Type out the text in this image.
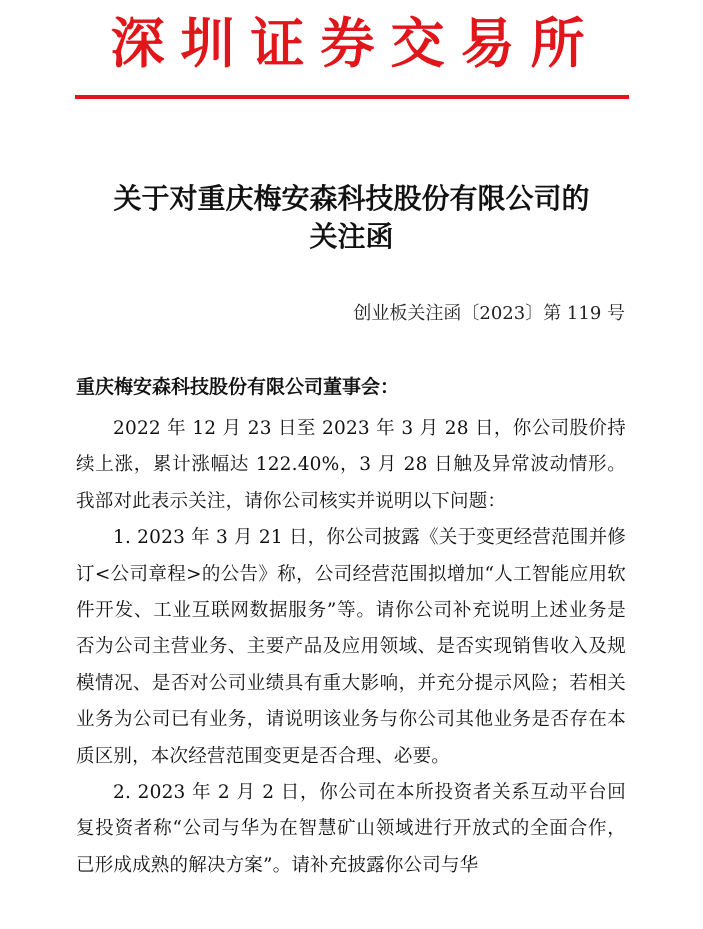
深圳证券交易所
关于对重庆梅安森科技股份有限公司的
关注函
创业板关注函〔2023〕第 119 号
重庆梅安森科技股份有限公司董事会：

2022 年 12 月 23 日至 2023 年 3 月 28 日，你公司股价持续上涨，累计涨幅达 122.40%，3 月 28 日触及异常波动情形。我部对此表示关注，请你公司核实并说明以下问题：

1. 2023 年 3 月 21 日，你公司披露《关于变更经营范围并修订<公司章程>的公告》称，公司经营范围拟增加“人工智能应用软件开发、工业互联网数据服务”等。请你公司补充说明上述业务是否为公司主营业务、主要产品及应用领域、是否实现销售收入及规模情况、是否对公司业绩具有重大影响，并充分提示风险；若相关业务为公司已有业务，请说明该业务与你公司其他业务是否存在本质区别，本次经营范围变更是否合理、必要。

2. 2023 年 2 月 2 日，你公司在本所投资者关系互动平台回复投资者称“公司与华为在智慧矿山领域进行开放式的全面合作，已形成成熟的解决方案”。请补充披露你公司与华
